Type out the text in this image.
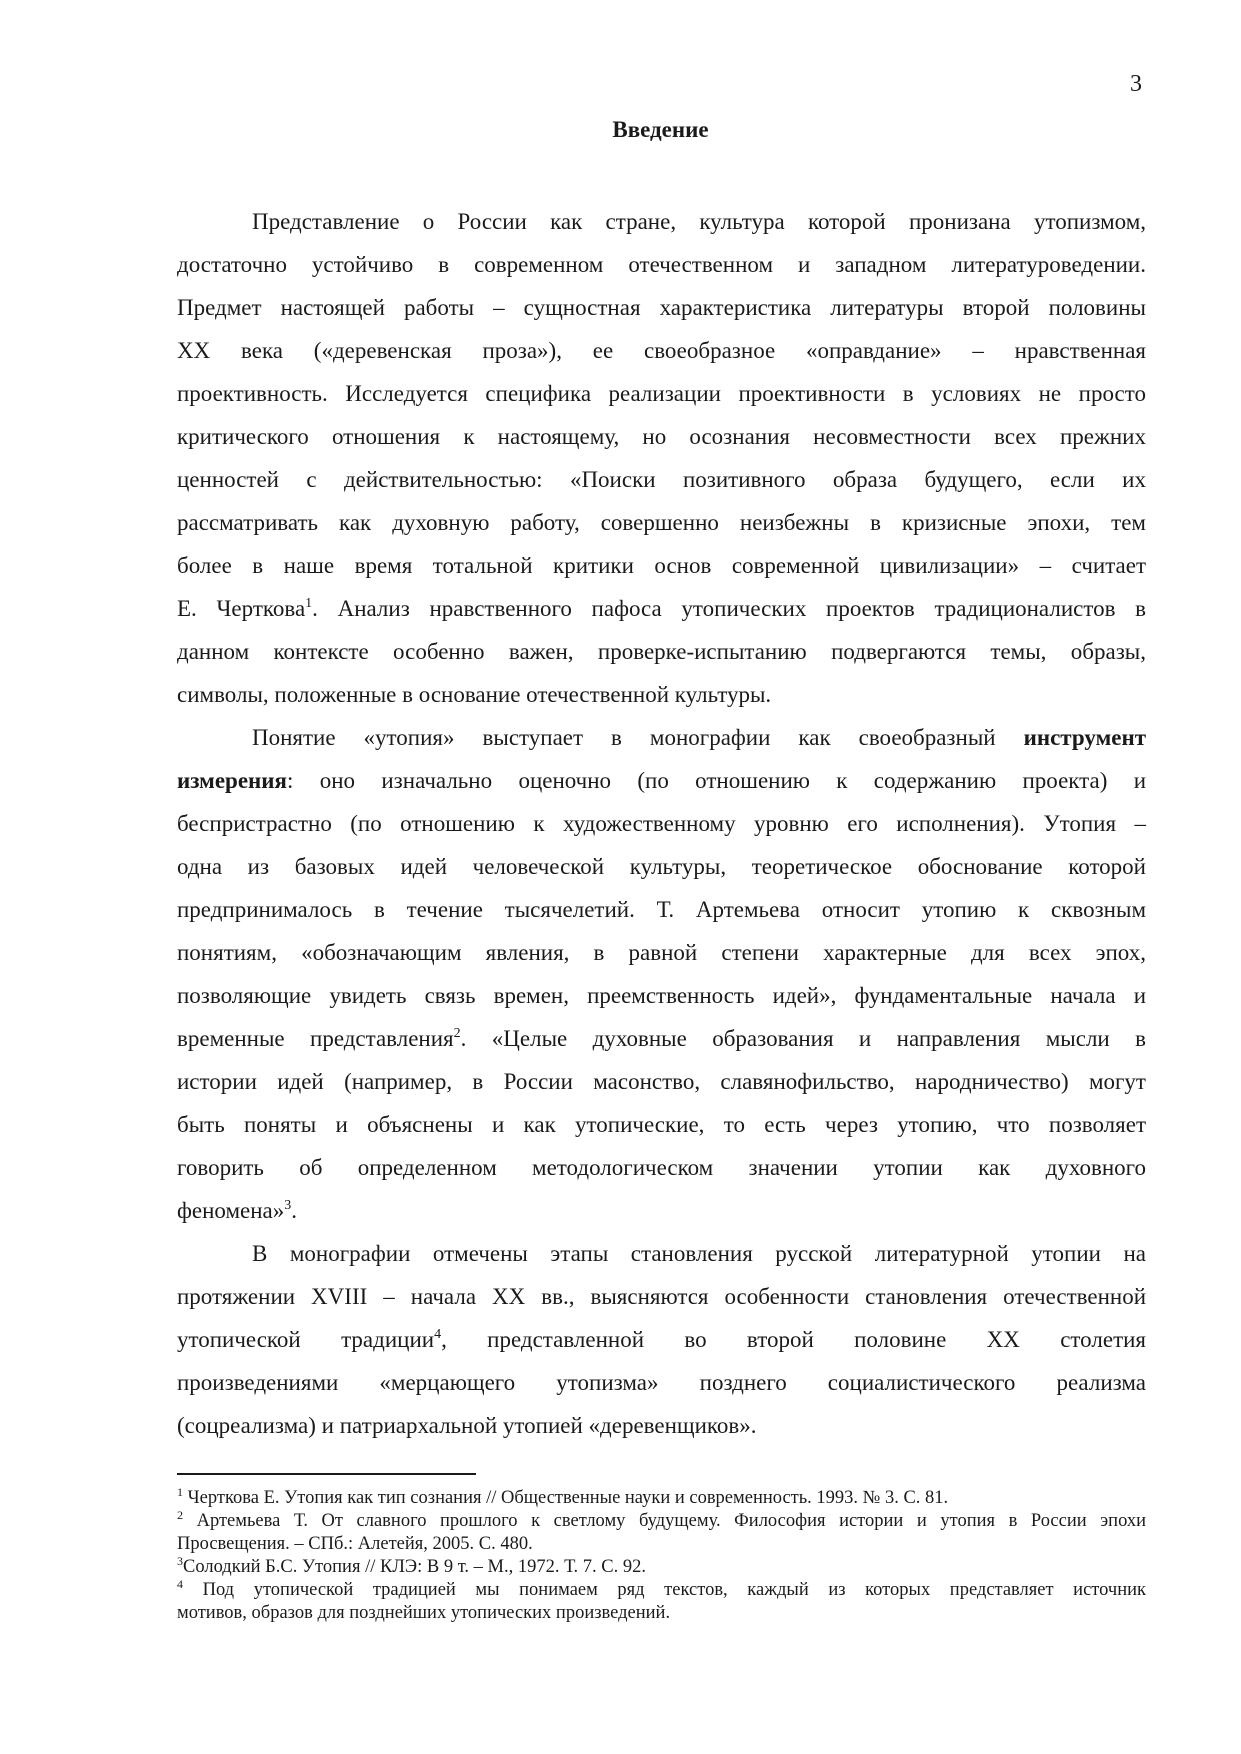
3
Введение
Представление о России как стране, культура которой пронизана утопизмом,
достаточно устойчиво в современном отечественном и западном литературоведении.
Предмет настоящей работы – сущностная характеристика литературы второй половины
ХХ века («деревенская проза»), ее своеобразное «оправдание» – нравственная
проективность. Исследуется специфика реализации проективности в условиях не просто
критического отношения к настоящему, но осознания несовместности всех прежних
ценностей с действительностью: «Поиски позитивного образа будущего, если их
рассматривать как духовную работу, совершенно неизбежны в кризисные эпохи, тем
более в наше время тотальной критики основ современной цивилизации» – считает
Е. Черткова$^1$. Анализ нравственного пафоса утопических проектов традиционалистов в
данном контексте особенно важен, проверке-испытанию подвергаются темы, образы,
символы, положенные в основание отечественной культуры.
Понятие «утопия» выступает в монографии как своеобразный инструмент
измерения: оно изначально оценочно (по отношению к содержанию проекта) и
беспристрастно (по отношению к художественному уровню его исполнения). Утопия –
одна из базовых идей человеческой культуры, теоретическое обоснование которой
предпринималось в течение тысячелетий. Т. Артемьева относит утопию к сквозным
понятиям, «обозначающим явления, в равной степени характерные для всех эпох,
позволяющие увидеть связь времен, преемственность идей», фундаментальные начала и
временные представления$^2$. «Целые духовные образования и направления мысли в
истории идей (например, в России масонство, славянофильство, народничество) могут
быть поняты и объяснены и как утопические, то есть через утопию, что позволяет
говорить об определенном методологическом значении утопии как духовного
феномена»$^3$.
В монографии отмечены этапы становления русской литературной утопии на
протяжении XVIII – начала XX вв., выясняются особенности становления отечественной
утопической традиции$^4$, представленной во второй половине ХХ столетия
произведениями «мерцающего утопизма» позднего социалистического реализма
(соцреализма) и патриархальной утопией «деревенщиков».
$^1$ Черткова Е. Утопия как тип сознания // Общественные науки и современность. 1993. № 3. С. 81.
$^2$ Артемьева Т. От славного прошлого к светлому будущему. Философия истории и утопия в России эпохи
Просвещения. – СПб.: Алетейя, 2005. С. 480.
$^3$Солодкий Б.С. Утопия // КЛЭ: В 9 т. – М., 1972. Т. 7. С. 92.
$^4$ Под утопической традицией мы понимаем ряд текстов, каждый из которых представляет источник
мотивов, образов для позднейших утопических произведений.
